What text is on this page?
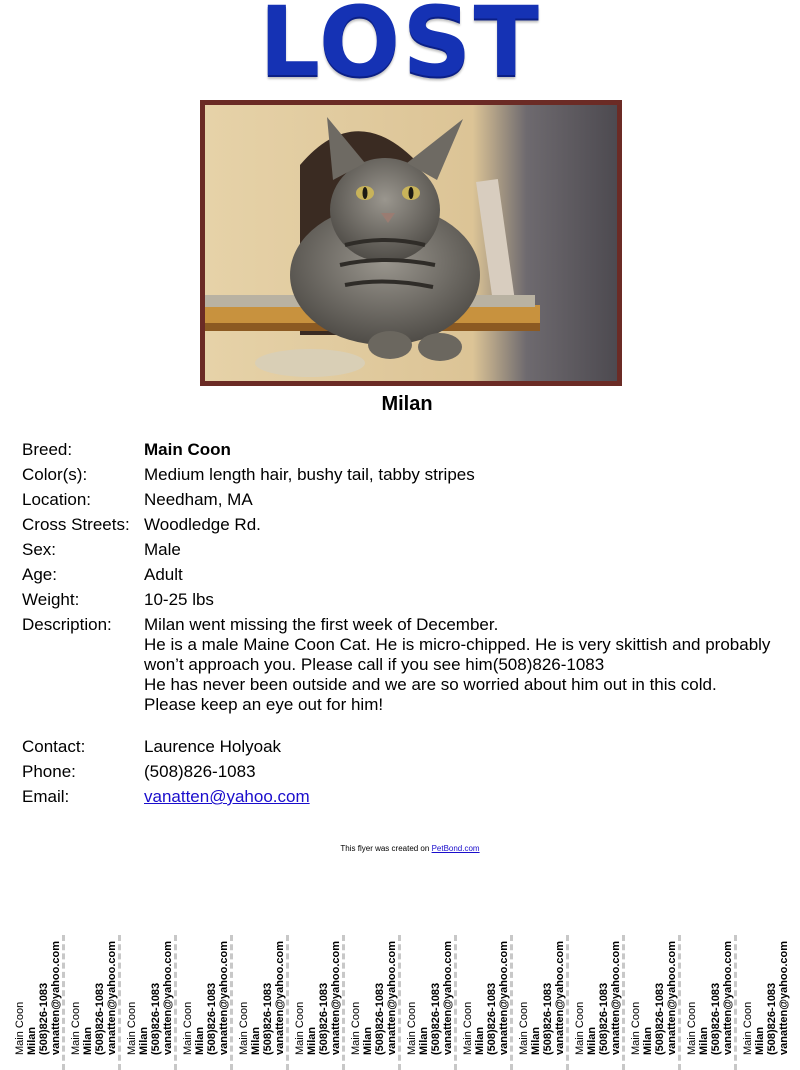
LOST
Milan
Breed:	Main Coon
Color(s):	Medium length hair, bushy tail, tabby stripes
Location:	Needham, MA
Cross Streets: Woodledge Rd.
Sex:	Male
Age:	Adult
Weight:	10-25 lbs
Description: Milan went missing the first week of December.
He is a male Maine Coon Cat. He is micro-chipped. He is very skittish and probably won’t approach you. Please call if you see him(508)826-1083
He has never been outside and we are so worried about him out in this cold.
Please keep an eye out for him!
Contact:	Laurence Holyoak
Phone:	(508)826-1083
Email:	vanatten@yahoo.com
This flyer was created on PetBond.com
Main Coon Milan (508)826-1083 vanatten@yahoo.com Main Coon Milan (508)826-1083 vanatten@yahoo.com Main Coon Milan (508)826-1083 vanatten@yahoo.com Main Coon Milan (508)826-1083 vanatten@yahoo.com Main Coon Milan (508)826-1083 vanatten@yahoo.com Main Coon Milan (508)826-1083 vanatten@yahoo.com Main Coon Milan (508)826-1083 vanatten@yahoo.com Main Coon Milan (508)826-1083 vanatten@yahoo.com Main Coon Milan (508)826-1083 vanatten@yahoo.com Main Coon Milan (508)826-1083 vanatten@yahoo.com Main Coon Milan (508)826-1083 vanatten@yahoo.com Main Coon Milan (508)826-1083 vanatten@yahoo.com Main Coon Milan (508)826-1083 vanatten@yahoo.com Main Coon Milan (508)826-1083 vanatten@yahoo.com
